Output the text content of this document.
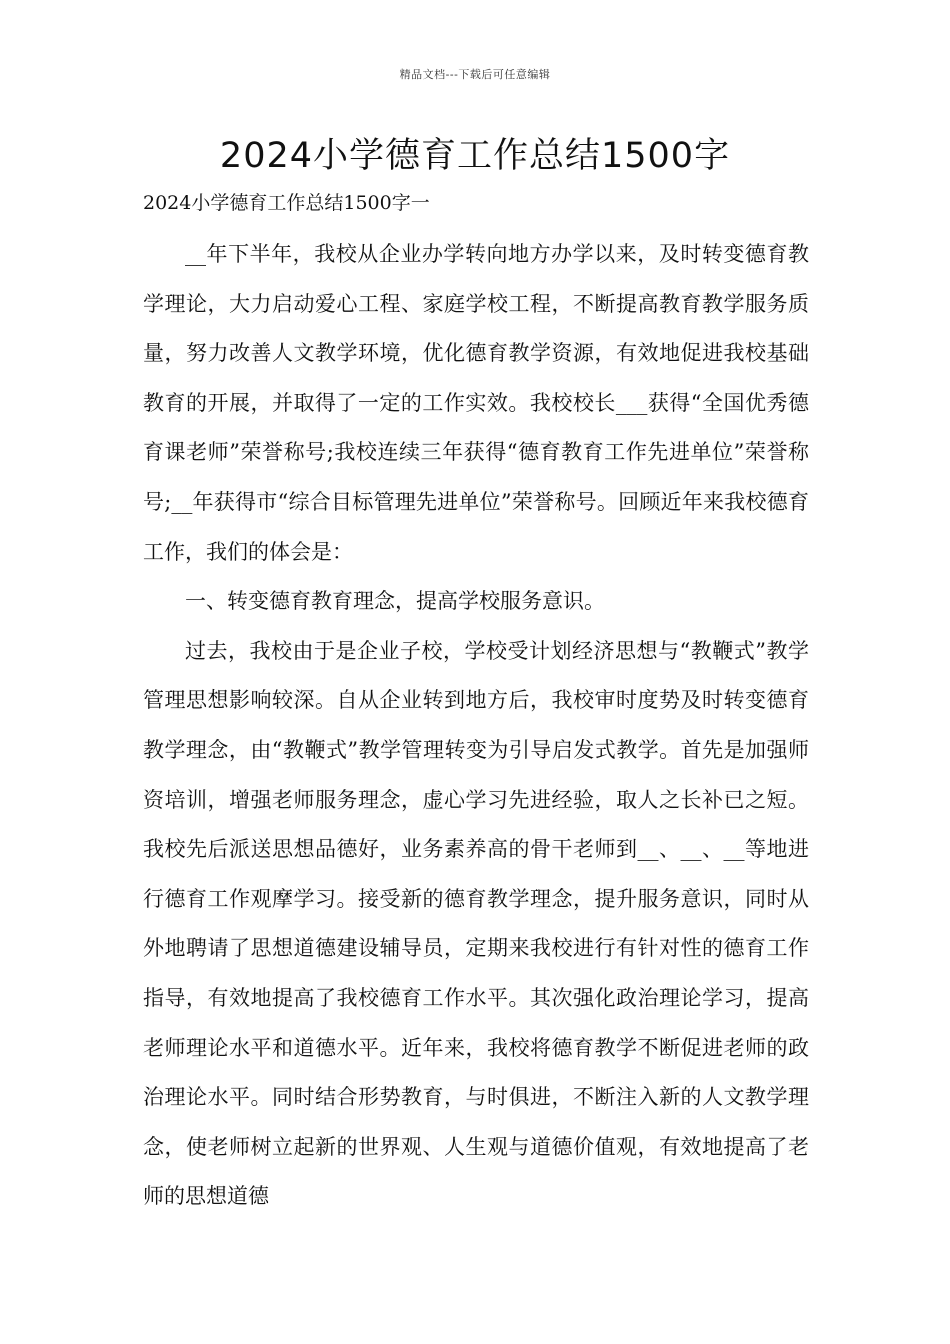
精品文档---下载后可任意编辑
2024小学德育工作总结1500字

2024小学德育工作总结1500字一

__年下半年，我校从企业办学转向地方办学以来，及时转变德育教学理论，大力启动爱心工程、家庭学校工程，不断提高教育教学服务质量，努力改善人文教学环境，优化德育教学资源，有效地促进我校基础教育的开展，并取得了一定的工作实效。我校校长___获得“全国优秀德育课老师”荣誉称号;我校连续三年获得“德育教育工作先进单位”荣誉称号;__年获得市“综合目标管理先进单位”荣誉称号。回顾近年来我校德育工作，我们的体会是：

一、转变德育教育理念，提高学校服务意识。

过去，我校由于是企业子校，学校受计划经济思想与“教鞭式”教学管理思想影响较深。自从企业转到地方后，我校审时度势及时转变德育教学理念，由“教鞭式”教学管理转变为引导启发式教学。首先是加强师资培训，增强老师服务理念，虚心学习先进经验，取人之长补已之短。我校先后派送思想品德好，业务素养高的骨干老师到__、__、__等地进行德育工作观摩学习。接受新的德育教学理念，提升服务意识，同时从外地聘请了思想道德建设辅导员，定期来我校进行有针对性的德育工作指导，有效地提高了我校德育工作水平。其次强化政治理论学习，提高老师理论水平和道德水平。近年来，我校将德育教学不断促进老师的政治理论水平。同时结合形势教育，与时俱进，不断注入新的人文教学理念，使老师树立起新的世界观、人生观与道德价值观，有效地提高了老师的思想道德
